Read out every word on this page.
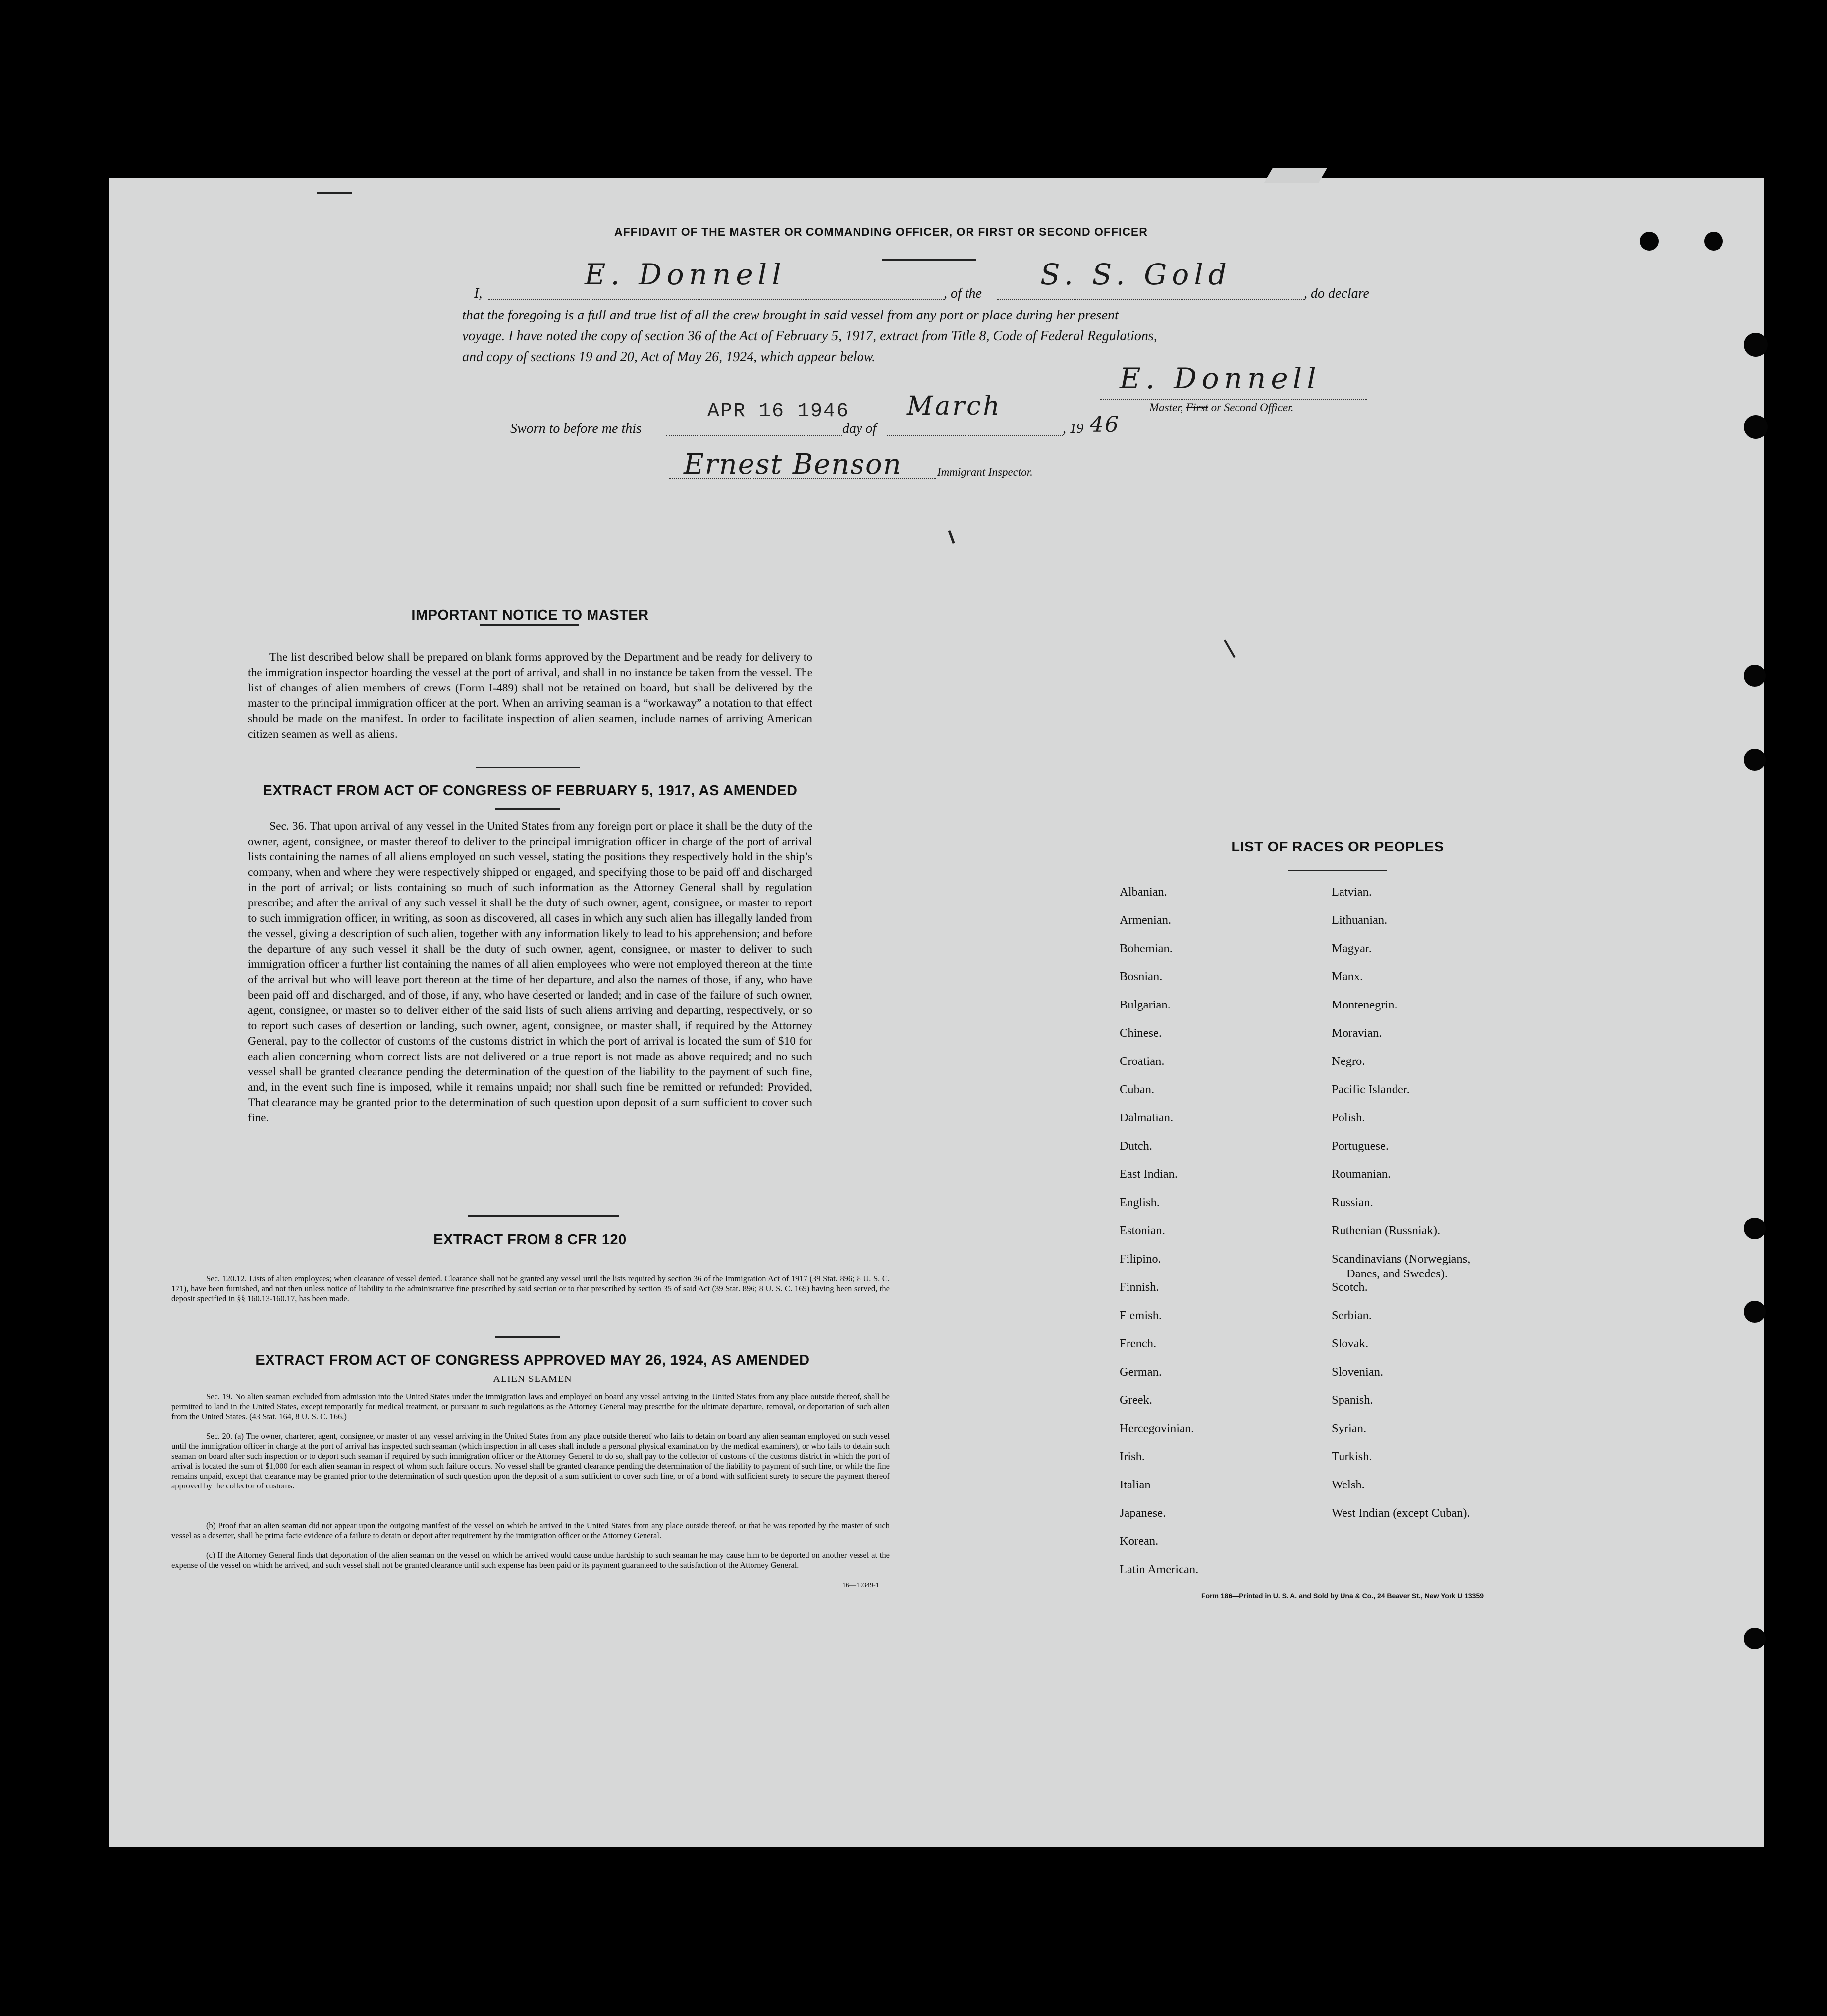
AFFIDAVIT OF THE MASTER OR COMMANDING OFFICER, OR FIRST OR SECOND OFFICER
I,
E. Donnell
, of the
S. S. Gold
, do declare
that the foregoing is a full and true list of all the crew brought in said vessel from any port or place during her present
voyage. I have noted the copy of section 36 of the Act of February 5, 1917, extract from Title 8, Code of Federal Regulations,
and copy of sections 19 and 20, Act of May 26, 1924, which appear below.
E. Donnell
Master, First or Second Officer.
Sworn to before me this
APR 16 1946
day of
March
, 19 46
Ernest Benson	Immigrant Inspector.
IMPORTANT NOTICE TO MASTER
The list described below shall be prepared on blank forms approved by the Department and be ready for delivery to the immigration inspector boarding the vessel at the port of arrival, and shall in no instance be taken from the vessel. The list of changes of alien members of crews (Form I-489) shall not be retained on board, but shall be delivered by the master to the principal immigration officer at the port. When an arriving seaman is a “workaway” a notation to that effect should be made on the manifest. In order to facilitate inspection of alien seamen, include names of arriving American citizen seamen as well as aliens.
EXTRACT FROM ACT OF CONGRESS OF FEBRUARY 5, 1917, AS AMENDED
Sec. 36. That upon arrival of any vessel in the United States from any foreign port or place it shall be the duty of the owner, agent, consignee, or master thereof to deliver to the principal immigration officer in charge of the port of arrival lists containing the names of all aliens employed on such vessel, stating the positions they respectively hold in the ship’s company, when and where they were respectively shipped or engaged, and specifying those to be paid off and discharged in the port of arrival; or lists containing so much of such information as the Attorney General shall by regulation prescribe; and after the arrival of any such vessel it shall be the duty of such owner, agent, consignee, or master to report to such immigration officer, in writing, as soon as discovered, all cases in which any such alien has illegally landed from the vessel, giving a description of such alien, together with any information likely to lead to his apprehension; and before the departure of any such vessel it shall be the duty of such owner, agent, consignee, or master to deliver to such immigration officer a further list containing the names of all alien employees who were not employed thereon at the time of the arrival but who will leave port thereon at the time of her departure, and also the names of those, if any, who have been paid off and discharged, and of those, if any, who have deserted or landed; and in case of the failure of such owner, agent, consignee, or master so to deliver either of the said lists of such aliens arriving and departing, respectively, or so to report such cases of desertion or landing, such owner, agent, consignee, or master shall, if required by the Attorney General, pay to the collector of customs of the customs district in which the port of arrival is located the sum of $10 for each alien concerning whom correct lists are not delivered or a true report is not made as above required; and no such vessel shall be granted clearance pending the determination of the question of the liability to the payment of such fine, and, in the event such fine is imposed, while it remains unpaid; nor shall such fine be remitted or refunded: Provided, That clearance may be granted prior to the determination of such question upon deposit of a sum sufficient to cover such fine.
EXTRACT FROM 8 CFR 120
Sec. 120.12. Lists of alien employees; when clearance of vessel denied. Clearance shall not be granted any vessel until the lists required by section 36 of the Immigration Act of 1917 (39 Stat. 896; 8 U. S. C. 171), have been furnished, and not then unless notice of liability to the administrative fine prescribed by said section or to that prescribed by section 35 of said Act (39 Stat. 896; 8 U. S. C. 169) having been served, the deposit specified in §§ 160.13-160.17, has been made.
EXTRACT FROM ACT OF CONGRESS APPROVED MAY 26, 1924, AS AMENDED
ALIEN SEAMEN
Sec. 19. No alien seaman excluded from admission into the United States under the immigration laws and employed on board any vessel arriving in the United States from any place outside thereof, shall be permitted to land in the United States, except temporarily for medical treatment, or pursuant to such regulations as the Attorney General may prescribe for the ultimate departure, removal, or deportation of such alien from the United States. (43 Stat. 164, 8 U. S. C. 166.)
Sec. 20. (a) The owner, charterer, agent, consignee, or master of any vessel arriving in the United States from any place outside thereof who fails to detain on board any alien seaman employed on such vessel until the immigration officer in charge at the port of arrival has inspected such seaman (which inspection in all cases shall include a personal physical examination by the medical examiners), or who fails to detain such seaman on board after such inspection or to deport such seaman if required by such immigration officer or the Attorney General to do so, shall pay to the collector of customs of the customs district in which the port of arrival is located the sum of $1,000 for each alien seaman in respect of whom such failure occurs. No vessel shall be granted clearance pending the determination of the liability to payment of such fine, or while the fine remains unpaid, except that clearance may be granted prior to the determination of such question upon the deposit of a sum sufficient to cover such fine, or of a bond with sufficient surety to secure the payment thereof approved by the collector of customs.
(b) Proof that an alien seaman did not appear upon the outgoing manifest of the vessel on which he arrived in the United States from any place outside thereof, or that he was reported by the master of such vessel as a deserter, shall be prima facie evidence of a failure to detain or deport after requirement by the immigration officer or the Attorney General.
(c) If the Attorney General finds that deportation of the alien seaman on the vessel on which he arrived would cause undue hardship to such seaman he may cause him to be deported on another vessel at the expense of the vessel on which he arrived, and such vessel shall not be granted clearance until such expense has been paid or its payment guaranteed to the satisfaction of the Attorney General.
16—19349-1
LIST OF RACES OR PEOPLES
Albanian.
Armenian.
Bohemian.
Bosnian.
Bulgarian.
Chinese.
Croatian.
Cuban.
Dalmatian.
Dutch.
East Indian.
English.
Estonian.
Filipino.
Finnish.
Flemish.
French.
German.
Greek.
Hercegovinian.
Irish.
Italian
Japanese.
Korean.
Latin American.
Latvian.
Lithuanian.
Magyar.
Manx.
Montenegrin.
Moravian.
Negro.
Pacific Islander.
Polish.
Portuguese.
Roumanian.
Russian.
Ruthenian (Russniak).
Scandinavians (Norwegians,
Danes, and Swedes).
Scotch.
Serbian.
Slovak.
Slovenian.
Spanish.
Syrian.
Turkish.
Welsh.
West Indian (except Cuban).
Form 186—Printed in U. S. A. and Sold by Una & Co., 24 Beaver St., New York U 13359
